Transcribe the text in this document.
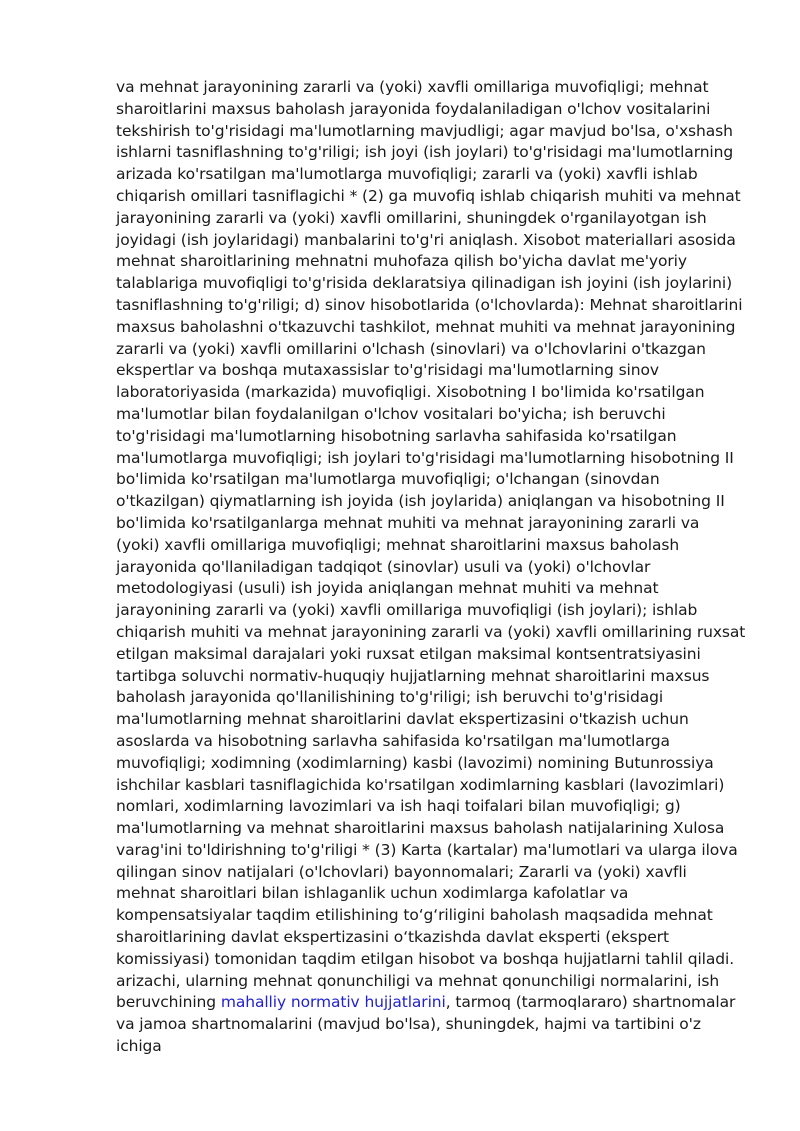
va mehnat jarayonining zararli va (yoki) xavfli omillariga muvofiqligi; mehnat sharoitlarini maxsus baholash jarayonida foydalaniladigan o'lchov vositalarini tekshirish to'g'risidagi ma'lumotlarning mavjudligi; agar mavjud bo'lsa, o'xshash ishlarni tasniflashning to'g'riligi; ish joyi (ish joylari) to'g'risidagi ma'lumotlarning arizada ko'rsatilgan ma'lumotlarga muvofiqligi; zararli va (yoki) xavfli ishlab chiqarish omillari tasniflagichi * (2) ga muvofiq ishlab chiqarish muhiti va mehnat jarayonining zararli va (yoki) xavfli omillarini, shuningdek o'rganilayotgan ish joyidagi (ish joylaridagi) manbalarini to'g'ri aniqlash. Xisobot materiallari asosida mehnat sharoitlarining mehnatni muhofaza qilish bo'yicha davlat me'yoriy talablariga muvofiqligi to'g'risida deklaratsiya qilinadigan ish joyini (ish joylarini) tasniflashning to'g'riligi; d) sinov hisobotlarida (o'lchovlarda): Mehnat sharoitlarini maxsus baholashni o'tkazuvchi tashkilot, mehnat muhiti va mehnat jarayonining zararli va (yoki) xavfli omillarini o'lchash (sinovlari) va o'lchovlarini o'tkazgan ekspertlar va boshqa mutaxassislar to'g'risidagi ma'lumotlarning sinov laboratoriyasida (markazida) muvofiqligi. Xisobotning I bo'limida ko'rsatilgan ma'lumotlar bilan foydalanilgan o'lchov vositalari bo'yicha; ish beruvchi to'g'risidagi ma'lumotlarning hisobotning sarlavha sahifasida ko'rsatilgan ma'lumotlarga muvofiqligi; ish joylari to'g'risidagi ma'lumotlarning hisobotning II bo'limida ko'rsatilgan ma'lumotlarga muvofiqligi; o'lchangan (sinovdan o'tkazilgan) qiymatlarning ish joyida (ish joylarida) aniqlangan va hisobotning II bo'limida ko'rsatilganlarga mehnat muhiti va mehnat jarayonining zararli va (yoki) xavfli omillariga muvofiqligi; mehnat sharoitlarini maxsus baholash jarayonida qo'llaniladigan tadqiqot (sinovlar) usuli va (yoki) o'lchovlar metodologiyasi (usuli) ish joyida aniqlangan mehnat muhiti va mehnat jarayonining zararli va (yoki) xavfli omillariga muvofiqligi (ish joylari); ishlab chiqarish muhiti va mehnat jarayonining zararli va (yoki) xavfli omillarining ruxsat etilgan maksimal darajalari yoki ruxsat etilgan maksimal kontsentratsiyasini tartibga soluvchi normativ-huquqiy hujjatlarning mehnat sharoitlarini maxsus baholash jarayonida qo'llanilishining to'g'riligi; ish beruvchi to'g'risidagi ma'lumotlarning mehnat sharoitlarini davlat ekspertizasini o'tkazish uchun asoslarda va hisobotning sarlavha sahifasida ko'rsatilgan ma'lumotlarga muvofiqligi; xodimning (xodimlarning) kasbi (lavozimi) nomining Butunrossiya ishchilar kasblari tasniflagichida ko'rsatilgan xodimlarning kasblari (lavozimlari) nomlari, xodimlarning lavozimlari va ish haqi toifalari bilan muvofiqligi; g) ma'lumotlarning va mehnat sharoitlarini maxsus baholash natijalarining Xulosa varag'ini to'ldirishning to'g'riligi * (3) Karta (kartalar) ma'lumotlari va ularga ilova qilingan sinov natijalari (o'lchovlari) bayonnomalari; Zararli va (yoki) xavfli mehnat sharoitlari bilan ishlaganlik uchun xodimlarga kafolatlar va kompensatsiyalar taqdim etilishining to‘g‘riligini baholash maqsadida mehnat sharoitlarining davlat ekspertizasini o‘tkazishda davlat eksperti (ekspert komissiyasi) tomonidan taqdim etilgan hisobot va boshqa hujjatlarni tahlil qiladi. arizachi, ularning mehnat qonunchiligi va mehnat qonunchiligi normalarini, ish beruvchining mahalliy normativ hujjatlarini, tarmoq (tarmoqlararo) shartnomalar va jamoa shartnomalarini (mavjud bo'lsa), shuningdek, hajmi va tartibini o'z ichiga
